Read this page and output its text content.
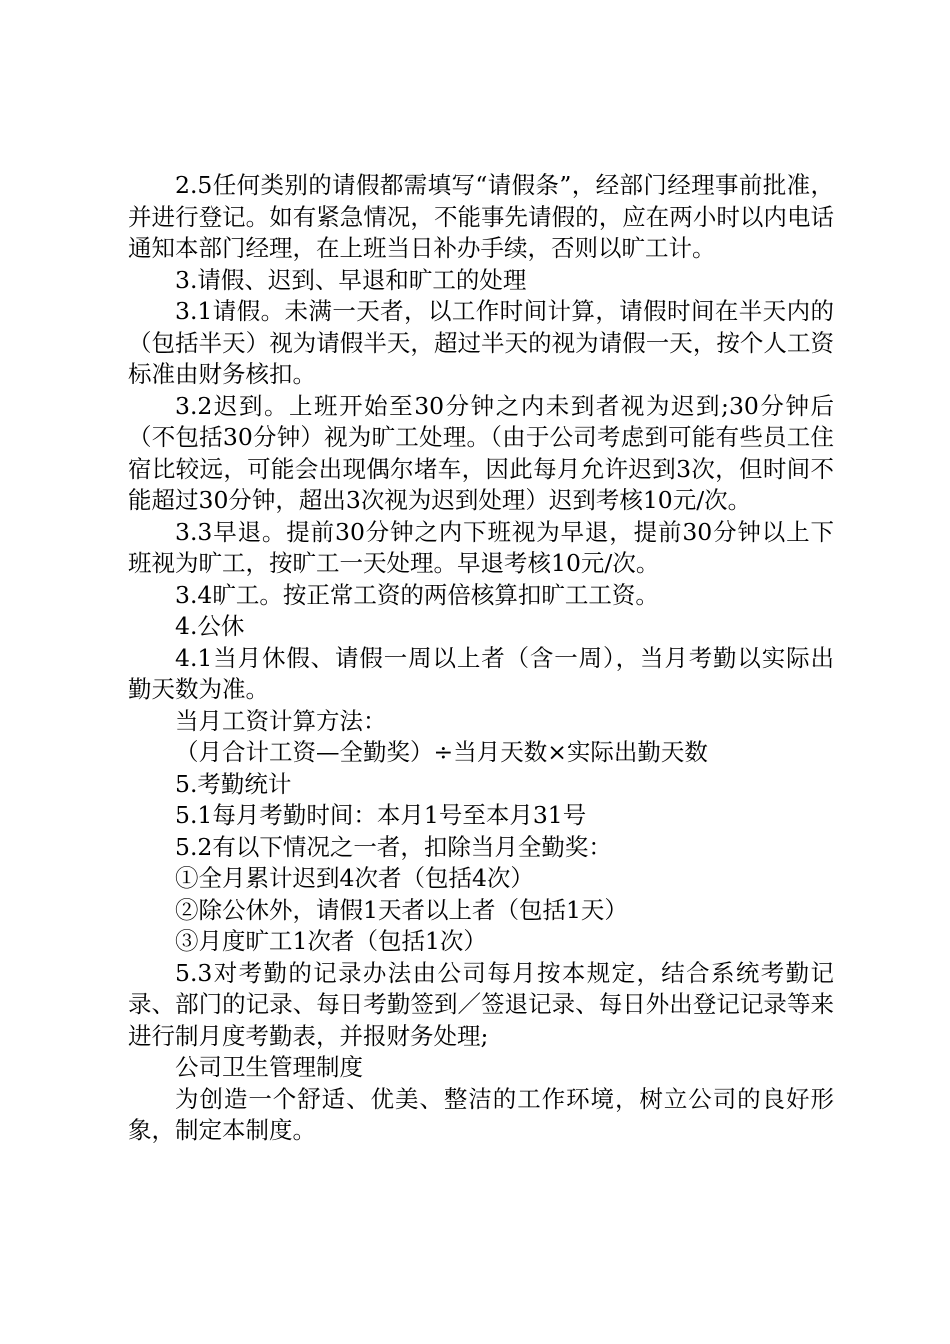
2.5任何类别的请假都需填写“请假条”，经部门经理事前批准，并进行登记。如有紧急情况，不能事先请假的，应在两小时以内电话通知本部门经理，在上班当日补办手续，否则以旷工计。

3.请假、迟到、早退和旷工的处理

3.1请假。未满一天者，以工作时间计算，请假时间在半天内的（包括半天）视为请假半天，超过半天的视为请假一天，按个人工资标准由财务核扣。

3.2迟到。上班开始至30分钟之内未到者视为迟到;30分钟后（不包括30分钟）视为旷工处理。（由于公司考虑到可能有些员工住宿比较远，可能会出现偶尔堵车，因此每月允许迟到3次，但时间不能超过30分钟，超出3次视为迟到处理）迟到考核10元/次。

3.3早退。提前30分钟之内下班视为早退，提前30分钟以上下班视为旷工，按旷工一天处理。早退考核10元/次。

3.4旷工。按正常工资的两倍核算扣旷工工资。

4.公休

4.1当月休假、请假一周以上者（含一周），当月考勤以实际出勤天数为准。

当月工资计算方法：

（月合计工资—全勤奖）÷当月天数×实际出勤天数

5.考勤统计

5.1每月考勤时间：本月1号至本月31号

5.2有以下情况之一者，扣除当月全勤奖：

①全月累计迟到4次者（包括4次）

②除公休外，请假1天者以上者（包括1天）

③月度旷工1次者（包括1次）

5.3对考勤的记录办法由公司每月按本规定，结合系统考勤记录、部门的记录、每日考勤签到／签退记录、每日外出登记记录等来进行制月度考勤表，并报财务处理;

公司卫生管理制度

为创造一个舒适、优美、整洁的工作环境，树立公司的良好形象，制定本制度。
